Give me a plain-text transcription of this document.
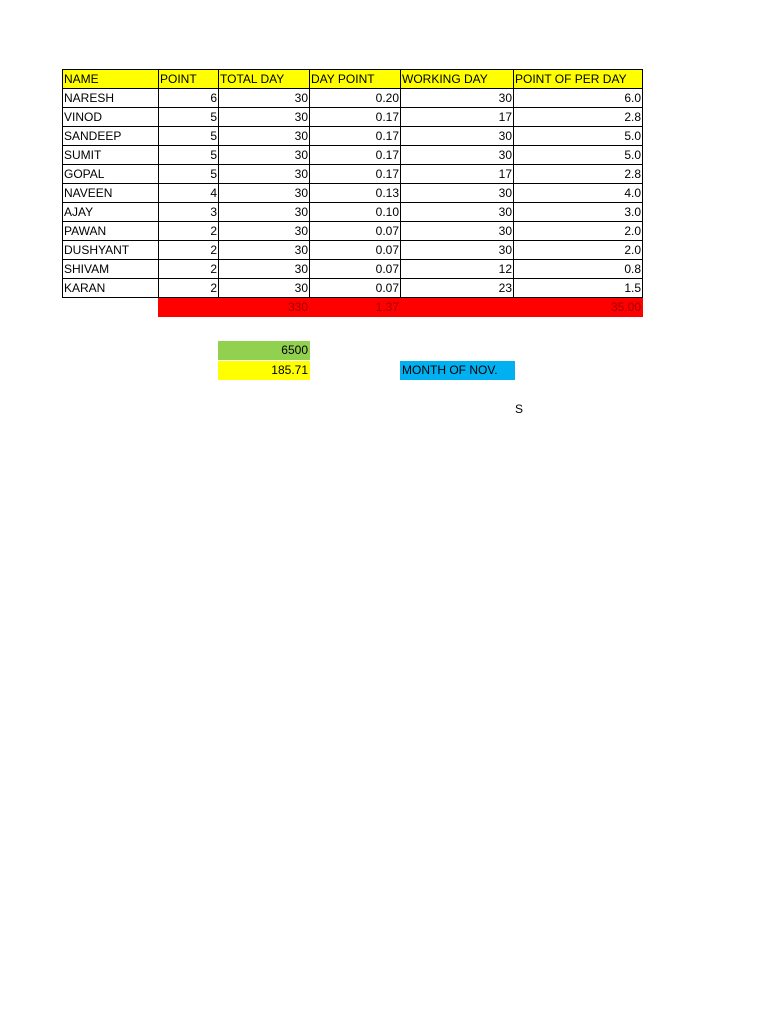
NAME	POINT	TOTAL DAY	DAY POINT	WORKING DAY	POINT OF PER DAY
NARESH	6	30	0.20	30	6.0
VINOD	5	30	0.17	17	2.8
SANDEEP	5	30	0.17	30	5.0
SUMIT	5	30	0.17	30	5.0
GOPAL	5	30	0.17	17	2.8
NAVEEN	4	30	0.13	30	4.0
AJAY	3	30	0.10	30	3.0
PAWAN	2	30	0.07	30	2.0
DUSHYANT	2	30	0.07	30	2.0
SHIVAM	2	30	0.07	12	0.8
KARAN	2	30	0.07	23	1.5
		330	1.37		35.00
6500
185.71	MONTH OF NOV.
S
